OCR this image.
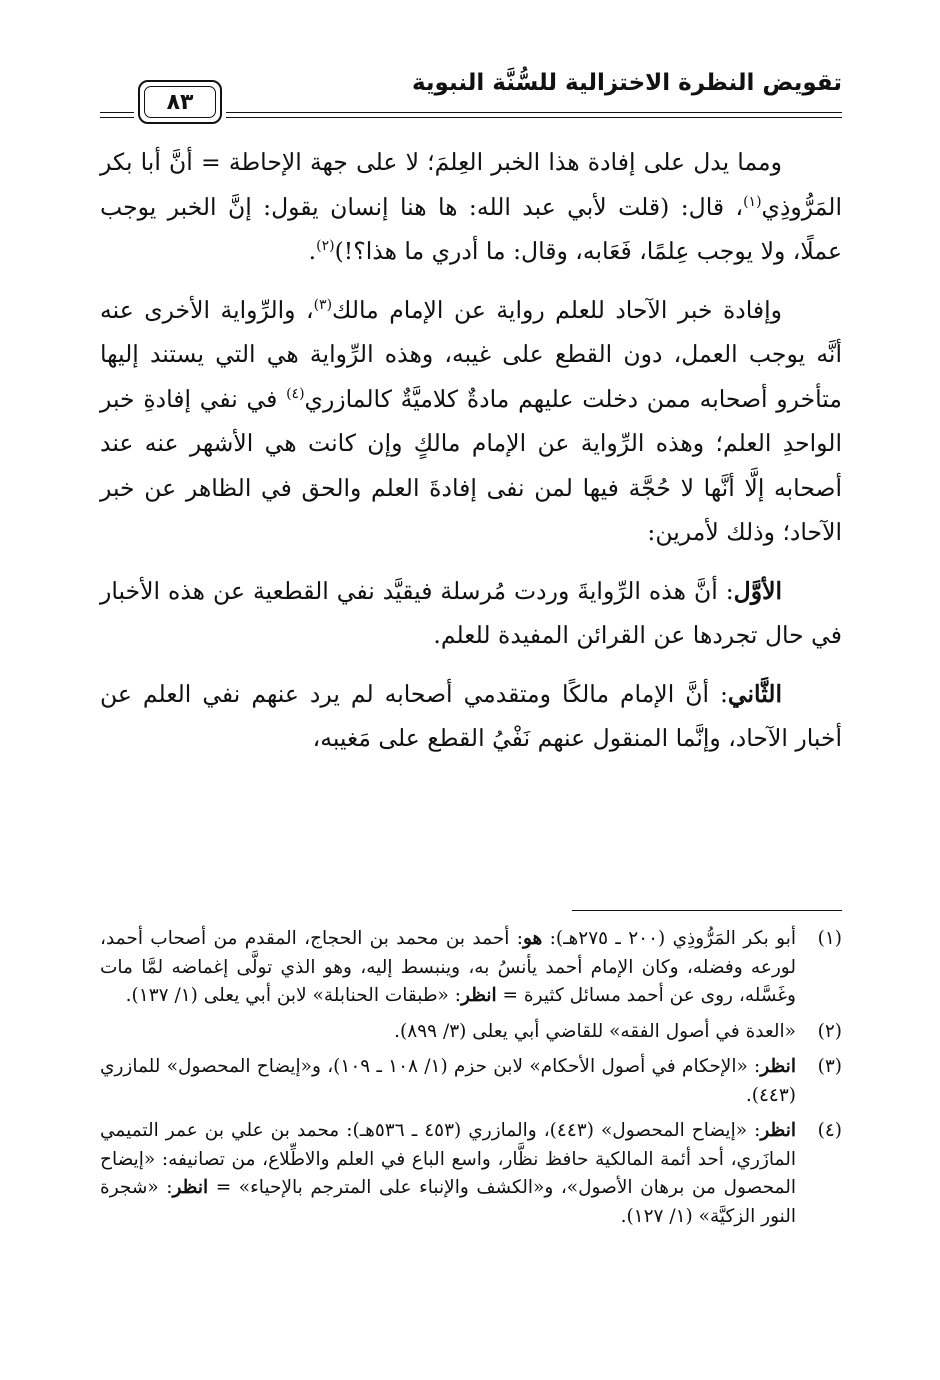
تقويض النظرة الاختزالية للسُّنَّة النبوية
٨٣

ومما يدل على إفادة هذا الخبر العِلمَ؛ لا على جهة الإحاطة = أنَّ أبا بكر المَرُّوذِي$^{(١)}$، قال: (قلت لأبي عبد الله: ها هنا إنسان يقول: إنَّ الخبر يوجب عملًا، ولا يوجب عِلمًا، فَعَابه، وقال: ما أدري ما هذا؟!)$^{(٢)}$.

وإفادة خبر الآحاد للعلم رواية عن الإمام مالك$^{(٣)}$، والرِّواية الأخرى عنه أنَّه يوجب العمل، دون القطع على غيبه، وهذه الرِّواية هي التي يستند إليها متأخرو أصحابه ممن دخلت عليهم مادةٌ كلاميَّةٌ كالمازري$^{(٤)}$ في نفي إفادةِ خبر الواحدِ العلم؛ وهذه الرِّواية عن الإمام مالكٍ وإن كانت هي الأشهر عنه عند أصحابه إلَّا أنَّها لا حُجَّة فيها لمن نفى إفادةَ العلم والحق في الظاهر عن خبر الآحاد؛ وذلك لأمرين:

الأوَّل: أنَّ هذه الرِّوايةَ وردت مُرسلة فيقيَّد نفي القطعية عن هذه الأخبار في حال تجردها عن القرائن المفيدة للعلم.

الثَّاني: أنَّ الإمام مالكًا ومتقدمي أصحابه لم يرد عنهم نفي العلم عن أخبار الآحاد، وإنَّما المنقول عنهم نَفْيُ القطع على مَغيبه،

(١)
أبو بكر المَرُّوذِي (٢٠٠ ـ ٢٧٥هـ): هو: أحمد بن محمد بن الحجاج، المقدم من أصحاب أحمد، لورعه وفضله، وكان الإمام أحمد يأنسُ به، وينبسط إليه، وهو الذي تولَّى إغماضه لمَّا مات وغَسَّله، روى عن أحمد مسائل كثيرة = انظر: «طبقات الحنابلة» لابن أبي يعلى (١/ ١٣٧).
(٢)
«العدة في أصول الفقه» للقاضي أبي يعلى (٣/ ٨٩٩).
(٣)
انظر: «الإحكام في أصول الأحكام» لابن حزم (١/ ١٠٨ ـ ١٠٩)، و«إيضاح المحصول» للمازري (٤٤٣).
(٤)
انظر: «إيضاح المحصول» (٤٤٣)، والمازري (٤٥٣ ـ ٥٣٦هـ): محمد بن علي بن عمر التميمي المازَري، أحد أئمة المالكية حافظ نظَّار، واسع الباع في العلم والاطِّلاع، من تصانيفه: «إيضاح المحصول من برهان الأصول»، و«الكشف والإنباء على المترجم بالإحياء» = انظر: «شجرة النور الزكيَّة» (١/ ١٢٧).
